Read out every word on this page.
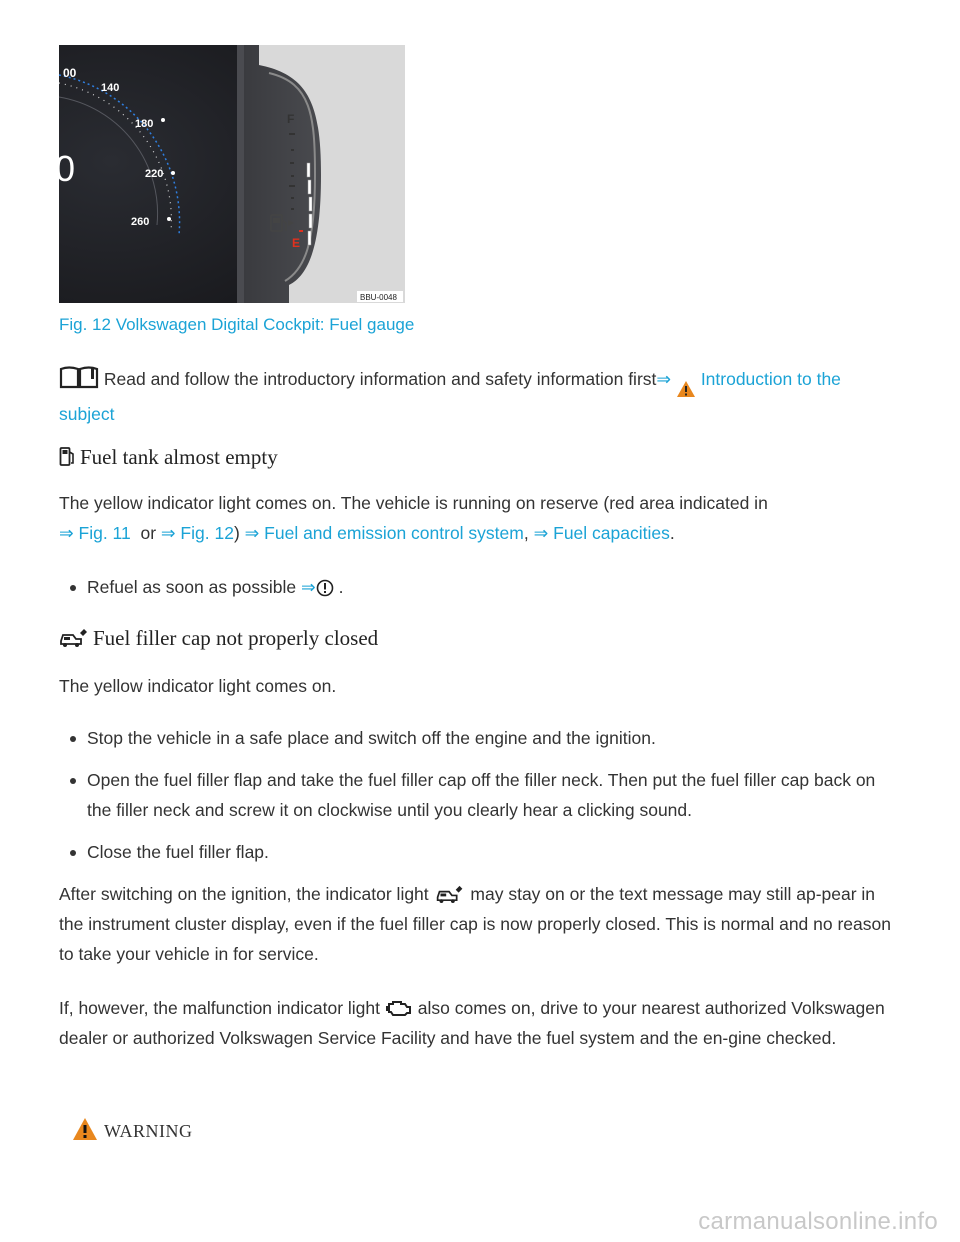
00
140
180
220
260
0
F
E
BBU-0048
Fig. 12 Volkswagen Digital Cockpit: Fuel gauge
Read and follow the introductory information and safety information first⇒ Introduction to the subject
Fuel tank almost empty
The yellow indicator light comes on. The vehicle is running on reserve (red area indicated in
⇒ Fig. 11 or ⇒ Fig. 12) ⇒ Fuel and emission control system, ⇒ Fuel capacities.
Refuel as soon as possible ⇒ .
Fuel filler cap not properly closed
The yellow indicator light comes on.
Stop the vehicle in a safe place and switch off the engine and the ignition.
Open the fuel filler flap and take the fuel filler cap off the filler neck. Then put the fuel filler cap back on the filler neck and screw it on clockwise until you clearly hear a clicking sound.
Close the fuel filler flap.
After switching on the ignition, the indicator light may stay on or the text message may still ap-pear in the instrument cluster display, even if the fuel filler cap is now properly closed. This is normal and no reason to take your vehicle in for service.
If, however, the malfunction indicator light also comes on, drive to your nearest authorized Volkswagen dealer or authorized Volkswagen Service Facility and have the fuel system and the en-gine checked.
WARNING
carmanualsonline.info
